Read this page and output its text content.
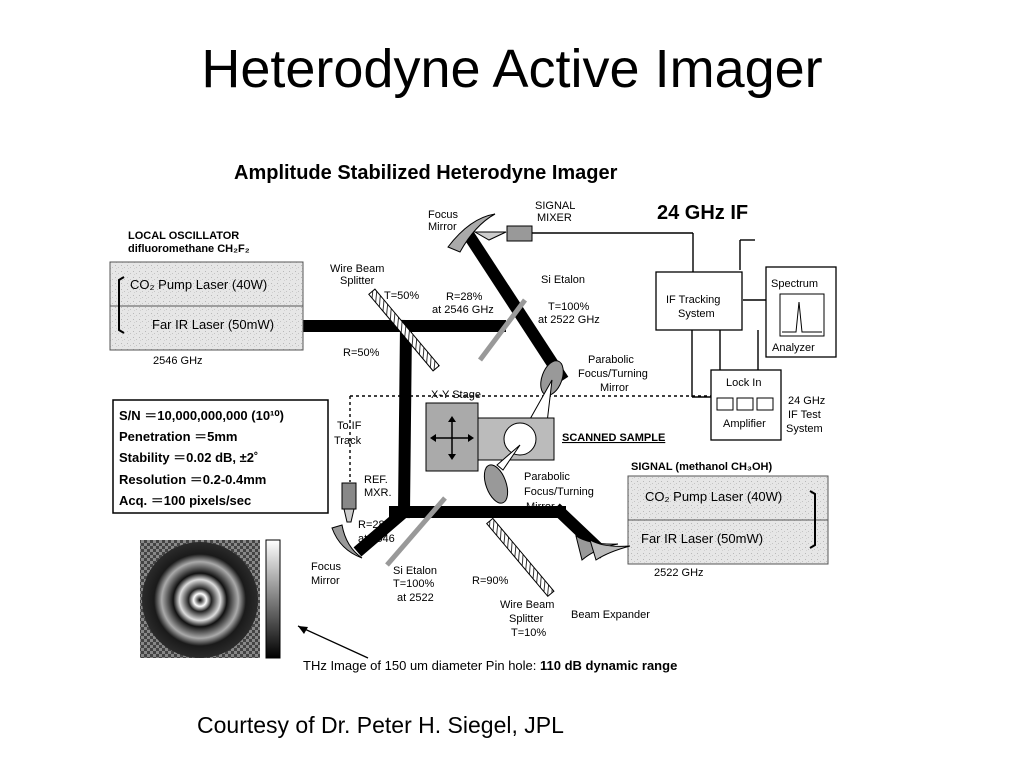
Heterodyne Active Imager
Amplitude Stabilized Heterodyne Imager
24 GHz IF
LOCAL OSCILLATOR
difluoromethane CH₂F₂
CO₂ Pump Laser (40W)
Far IR Laser (50mW)
2546 GHz
SIGNAL (methanol CH₃OH)
CO₂ Pump Laser (40W)
Far IR Laser (50mW)
2522 GHz
Focus
Mirror
SIGNAL
MIXER
Wire Beam
Splitter
T=50%
R=50%
R=28%
at 2546 GHz
Si Etalon
T=100%
at 2522 GHz
IF Tracking
System
Spectrum
Analyzer
Lock In
Amplifier
24 GHz
IF Test
System
Parabolic
Focus/Turning
Mirror
X-Y Stage
SCANNED SAMPLE
To IF
Track
REF.
MXR.
Parabolic
Focus/Turning
Mirror
R=28%
at 2546
Si Etalon
T=100%
at 2522
Focus
Mirror	R=90%
Wire Beam
Splitter
T=10%
Beam Expander
S/N ＝10,000,000,000 (10¹⁰)
Penetration ＝5mm
Stability ＝0.02 dB, ±2˚
Resolution ＝0.2-0.4mm
Acq. ＝100 pixels/sec
THz Image of 150 um diameter Pin hole: 110 dB dynamic range
Courtesy of Dr. Peter H. Siegel, JPL
